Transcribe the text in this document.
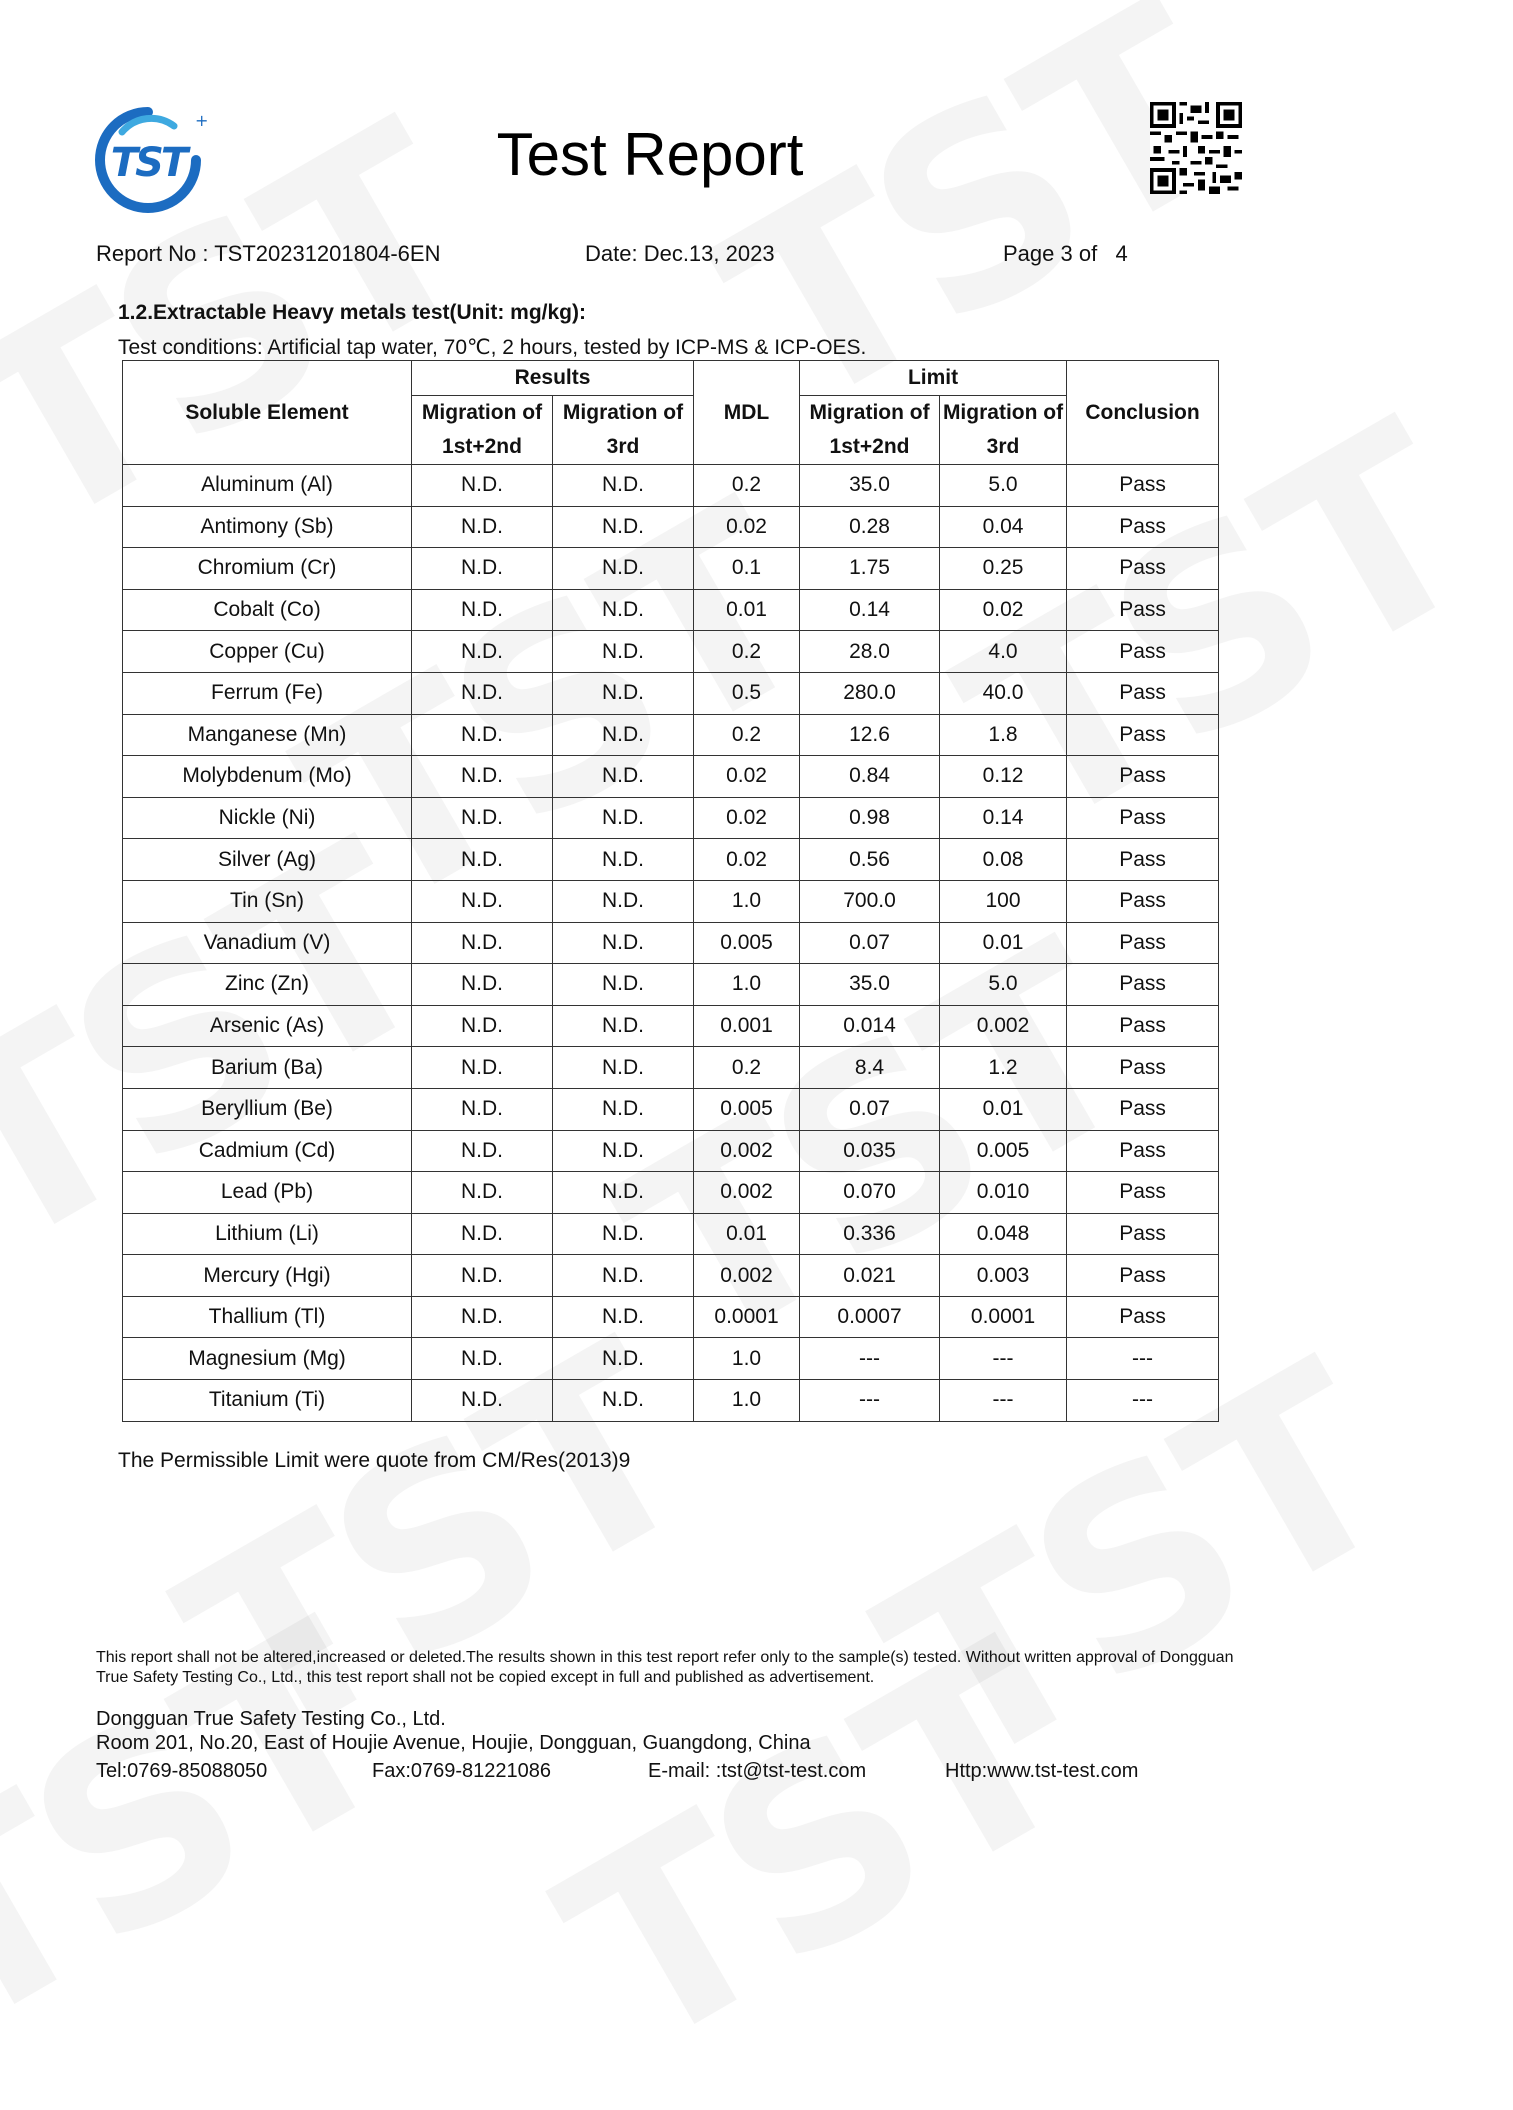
+
TST	Test Report
Report No : TST20231201804-6EN	Date: Dec.13, 2023	Page 3 of 4
1.2.Extractable Heavy metals test(Unit: mg/kg):
Test conditions: Artificial tap water, 70℃, 2 hours, tested by ICP-MS & ICP-OES.
Soluble Element	Results		MDL	Limit		Conclusion
	Migration of 1st+2nd	Migration of 3rd		Migration of 1st+2nd	Migration of 3rd	
Aluminum (Al)	N.D.	N.D.	0.2	35.0	5.0	Pass
Antimony (Sb)	N.D.	N.D.	0.02	0.28	0.04	Pass
Chromium (Cr)	N.D.	N.D.	0.1	1.75	0.25	Pass
Cobalt (Co)	N.D.	N.D.	0.01	0.14	0.02	Pass
Copper (Cu)	N.D.	N.D.	0.2	28.0	4.0	Pass
Ferrum (Fe)	N.D.	N.D.	0.5	280.0	40.0	Pass
Manganese (Mn)	N.D.	N.D.	0.2	12.6	1.8	Pass
Molybdenum (Mo)	N.D.	N.D.	0.02	0.84	0.12	Pass
Nickle (Ni)	N.D.	N.D.	0.02	0.98	0.14	Pass
Silver (Ag)	N.D.	N.D.	0.02	0.56	0.08	Pass
Tin (Sn)	N.D.	N.D.	1.0	700.0	100	Pass
Vanadium (V)	N.D.	N.D.	0.005	0.07	0.01	Pass
Zinc (Zn)	N.D.	N.D.	1.0	35.0	5.0	Pass
Arsenic (As)	N.D.	N.D.	0.001	0.014	0.002	Pass
Barium (Ba)	N.D.	N.D.	0.2	8.4	1.2	Pass
Beryllium (Be)	N.D.	N.D.	0.005	0.07	0.01	Pass
Cadmium (Cd)	N.D.	N.D.	0.002	0.035	0.005	Pass
Lead (Pb)	N.D.	N.D.	0.002	0.070	0.010	Pass
Lithium (Li)	N.D.	N.D.	0.01	0.336	0.048	Pass
Mercury (Hgi)	N.D.	N.D.	0.002	0.021	0.003	Pass
Thallium (Tl)	N.D.	N.D.	0.0001	0.0007	0.0001	Pass
Magnesium (Mg)	N.D.	N.D.	1.0	---	---	---
Titanium (Ti)	N.D.	N.D.	1.0	---	---	---
The Permissible Limit were quote from CM/Res(2013)9
This report shall not be altered,increased or deleted.The results shown in this test report refer only to the sample(s) tested. Without written approval of Dongguan True Safety Testing Co., Ltd., this test report shall not be copied except in full and published as advertisement.
Dongguan True Safety Testing Co., Ltd.
Room 201, No.20, East of Houjie Avenue, Houjie, Dongguan, Guangdong, China
Tel:0769-85088050	Fax:0769-81221086	E-mail: :tst@tst-test.com	Http:www.tst-test.com
